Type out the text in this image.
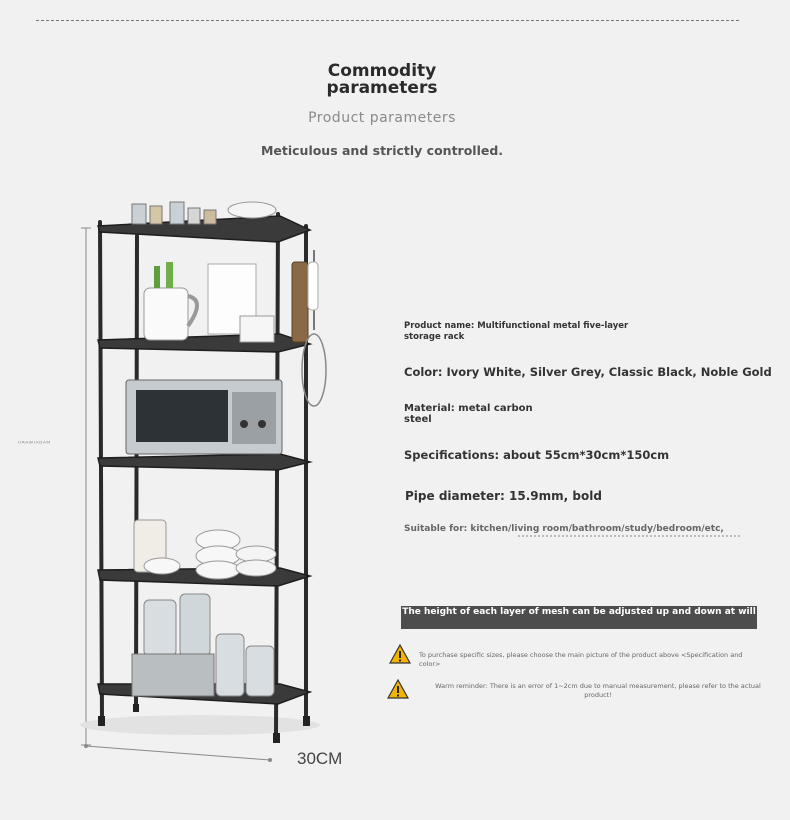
Commodity
parameters
Product parameters
Meticulous and strictly controlled.
ᵁᴿᴬᵂᴵᴬᴰᴬᴹ
30CM
Product name: Multifunctional metal five-layer storage rack
Color: Ivory White, Silver Grey, Classic Black, Noble Gold
Material: metal carbon steel
Specifications: about 55cm*30cm*150cm
Pipe diameter: 15.9mm, bold
Suitable for: kitchen/living room/bathroom/study/bedroom/etc,
The height of each layer of mesh can be adjusted up and down at will
To purchase specific sizes, please choose the main picture of the product above <Specification and color>
Warm reminder: There is an error of 1~2cm due to manual measurement, please refer to the actual product!
